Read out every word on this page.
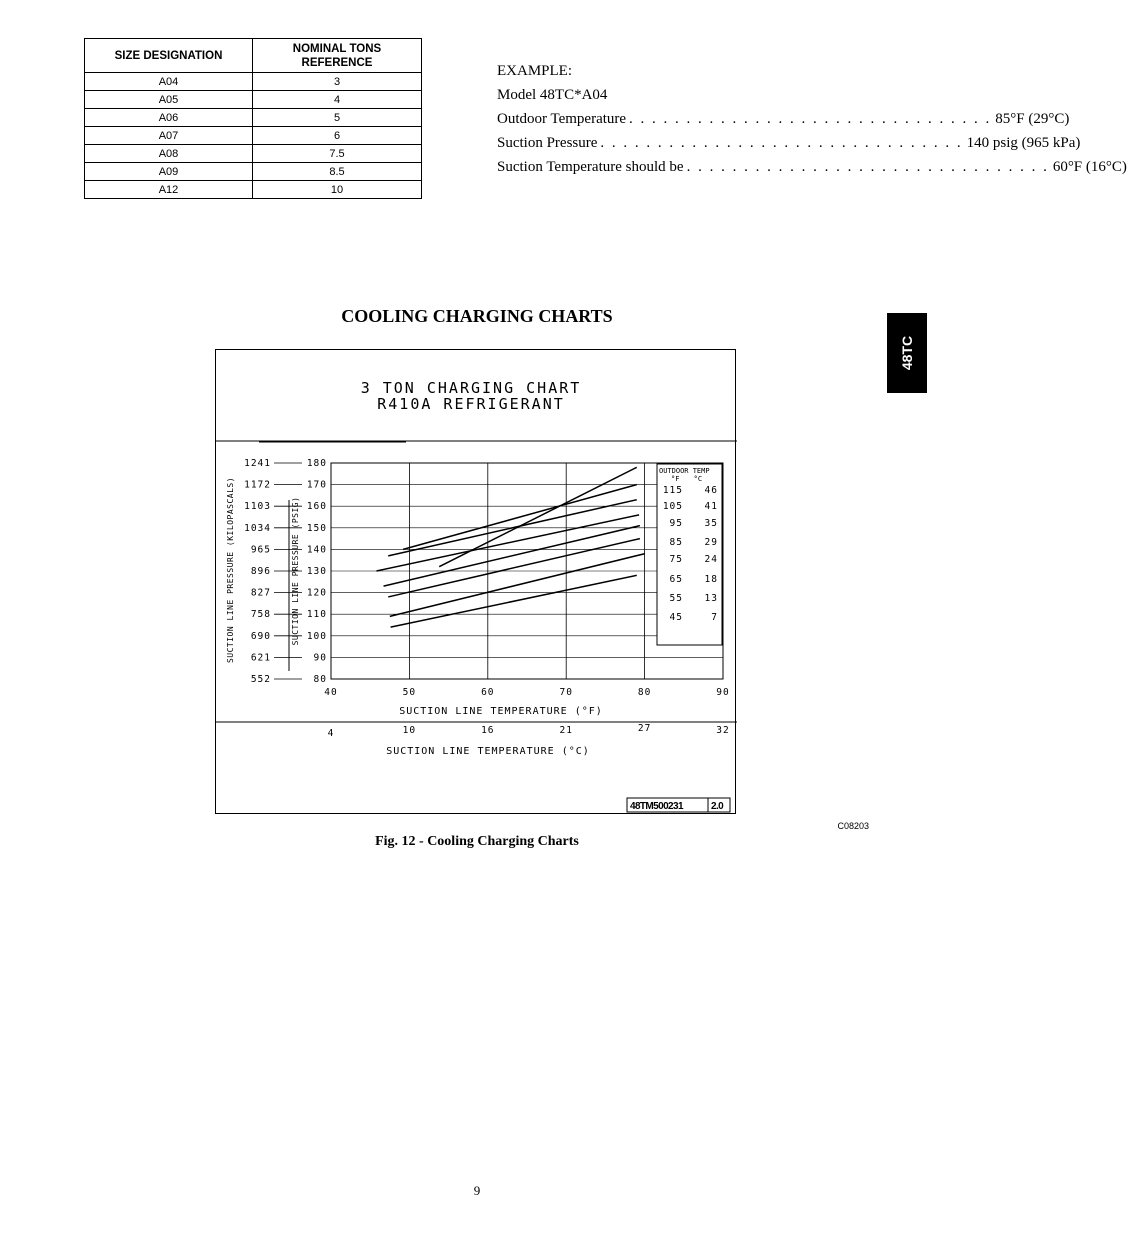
SIZE DESIGNATION	NOMINAL TONS REFERENCE
A04	3
A05	4
A06	5
A07	6
A08	7.5
A09	8.5
A12	10
EXAMPLE:
Model 48TC*A04
Outdoor Temperature . . . . . . . . . . . . . . . . . . . . . . . . . . . . . . . . 85°F (29°C)
Suction Pressure . . . . . . . . . . . . . . . . . . . . . . . . . . . . . . . . 140 psig (965 kPa)
Suction Temperature should be . . . . . . . . . . . . . . . . . . . . . . . . . . . . . . . . 60°F (16°C)
COOLING CHARGING CHARTS
48TC
3 TON CHARGING CHART
R410A REFRIGERANT
80
552
90
621
100
690
110
758
120
827
130
896
140
965
150
1034
160
1103
170
1172
180
1241
40	50	60	70	80	90
4	10	16	21	27	32
SUCTION LINE TEMPERATURE (°F)
SUCTION LINE TEMPERATURE (°C)
SUCTION LINE PRESSURE (PSIG)
SUCTION LINE PRESSURE (KILOPASCALS)
OUTDOOR TEMP
°F °C
115 46
105 41
95 35
85 29
75 24
65 18
55 13
45	7
48TM500231	2.0
C08203
Fig. 12 - Cooling Charging Charts
9
